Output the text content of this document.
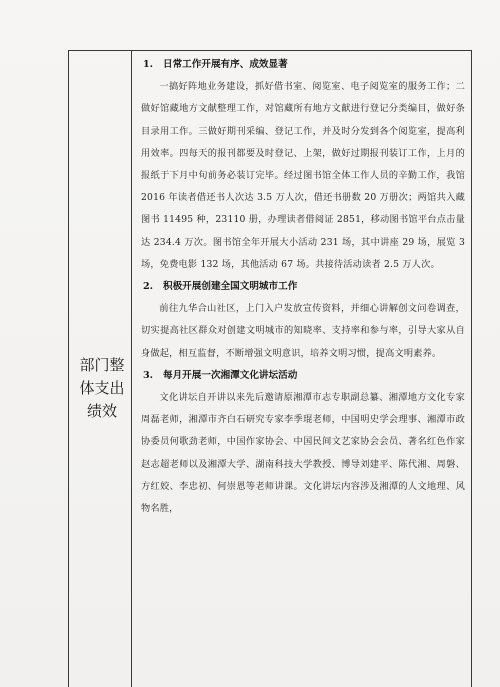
部门整
体支出
绩效
1. 日常工作开展有序、成效显著
一搞好阵地业务建设，抓好借书室、阅览室、电子阅览室的服务工作；二做好馆藏地方文献整理工作，对馆藏所有地方文献进行登记分类编目，做好条目录用工作。三做好期刊采编、登记工作，并及时分发到各个阅览室，提高利用效率。四每天的报刊都要及时登记、上架，做好过期报刊装订工作，上月的报纸于下月中旬前务必装订完毕。经过图书馆全体工作人员的辛勤工作，我馆 2016 年读者借还书人次达 3.5 万人次，借还书册数 20 万册次；两馆共入藏图书 11495 种，23110 册，办理读者借阅证 2851，移动图书馆平台点击量达 234.4 万次。图书馆全年开展大小活动 231 场，其中讲座 29 场，展览 3 场，免费电影 132 场，其他活动 67 场。共接待活动读者 2.5 万人次。
2. 积极开展创建全国文明城市工作
前往九华合山社区，上门入户发放宣传资料，并细心讲解创文问卷调查，切实提高社区群众对创建文明城市的知晓率、支持率和参与率，引导大家从自身做起，相互监督，不断增强文明意识，培养文明习惯，提高文明素养。
3. 每月开展一次湘潭文化讲坛活动
文化讲坛自开讲以来先后邀请原湘潭市志专职副总纂、湘潭地方文化专家周磊老师，湘潭市齐白石研究专家李季琨老师，中国明史学会理事、湘潭市政协委员何歌劲老师，中国作家协会、中国民间文艺家协会会员、著名红色作家赵志超老师以及湘潭大学、湖南科技大学教授、博导刘建平、陈代湘、周磐、方红姣、李忠初、何崇恩等老师讲课。文化讲坛内容涉及湘潭的人文地理、风物名胜，
